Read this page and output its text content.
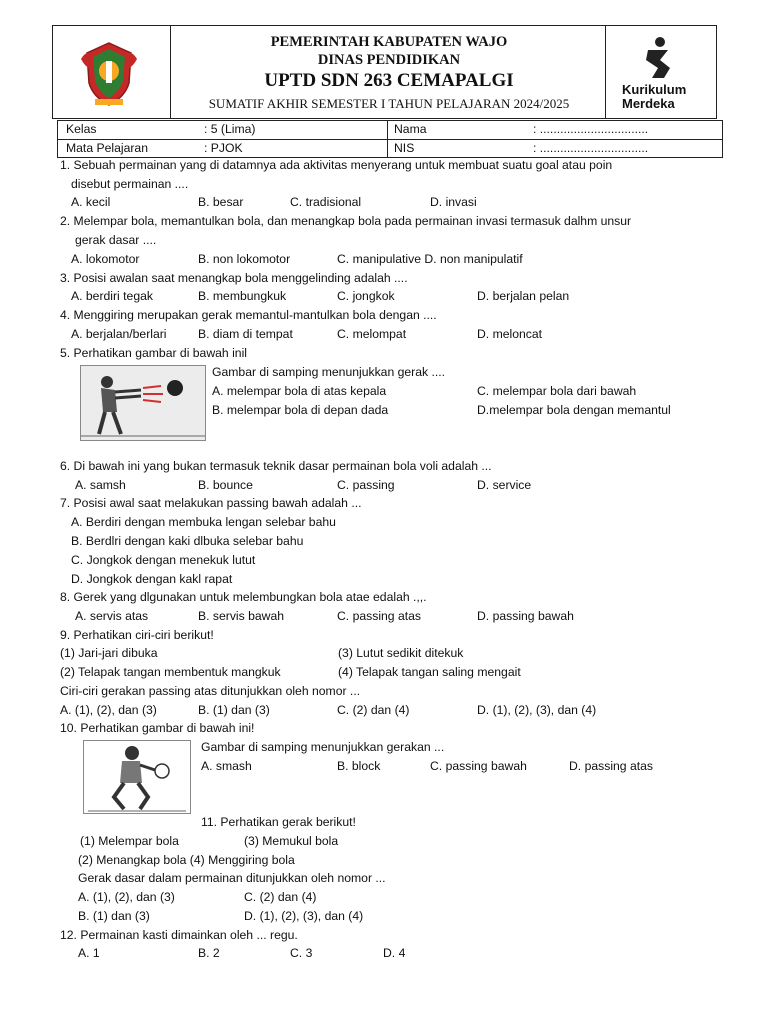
PEMERINTAH KABUPATEN WAJO
DINAS PENDIDIKAN
UPTD SDN 263 CEMAPALGI
SUMATIF AKHIR SEMESTER I TAHUN PELAJARAN 2024/2025
Kurikulum
Merdeka
Kelas	: 5 (Lima)
Mata Pelajaran	: PJOK
Nama	: ................................
NIS	: ................................
1. Sebuah permainan yang di datamnya ada aktivitas menyerang untuk membuat suatu goal atau poin
disebut permainan ....
A. kecil	B. besar	C. tradisional	D. invasi
2. Melempar bola, memantulkan bola, dan menangkap bola pada permainan invasi termasuk dalhm unsur
gerak dasar ....
A. lokomotor	B. non lokomotor	C. manipulative D. non manipulatif
3. Posisi awalan saat menangkap bola menggelinding adalah ....
A. berdiri tegak	B. membungkuk	C. jongkok	D. berjalan pelan
4. Menggiring merupakan gerak memantul-mantulkan bola dengan ....
A. berjalan/berlari	B. diam di tempat	C. melompat	D. meloncat
5. Perhatikan gambar di bawah inil
Gambar di samping menunjukkan gerak ....
A. melempar bola di atas kepala
B. melempar bola di depan dada
C. melempar bola dari bawah
D.melempar bola dengan memantul
6. Di bawah ini yang bukan termasuk teknik dasar permainan bola voli adalah ...
A. samsh	B. bounce	C. passing	D. service
7. Posisi awal saat melakukan passing bawah adalah ...
A. Berdiri dengan membuka lengan selebar bahu
B. Berdlri dengan kaki dlbuka selebar bahu
C. Jongkok dengan menekuk lutut
D. Jongkok dengan kakl rapat
8. Gerek yang dlgunakan untuk melembungkan bola atae edalah .,,.
A. servis atas	B. servis bawah	C. passing atas	D. passing bawah
9. Perhatikan ciri-ciri berikut!
(1) Jari-jari dibuka	(3) Lutut sedikit ditekuk
(2) Telapak tangan membentuk mangkuk	(4) Telapak tangan saling mengait
Ciri-ciri gerakan passing atas ditunjukkan oleh nomor ...
A. (1), (2), dan (3)	B. (1) dan (3)	C. (2) dan (4)	D. (1), (2), (3), dan (4)
10. Perhatikan gambar di bawah ini!
Gambar di samping menunjukkan gerakan ...
A. smash	B. block	C. passing bawah	D. passing atas
11. Perhatikan gerak berikut!
(1) Melempar bola	(3) Memukul bola
(2) Menangkap bola (4) Menggiring bola
Gerak dasar dalam permainan ditunjukkan oleh nomor ...
A. (1), (2), dan (3)	C. (2) dan (4)
B. (1) dan (3)	D. (1), (2), (3), dan (4)
12. Permainan kasti dimainkan oleh ... regu.
A. 1	B. 2	C. 3	D. 4
